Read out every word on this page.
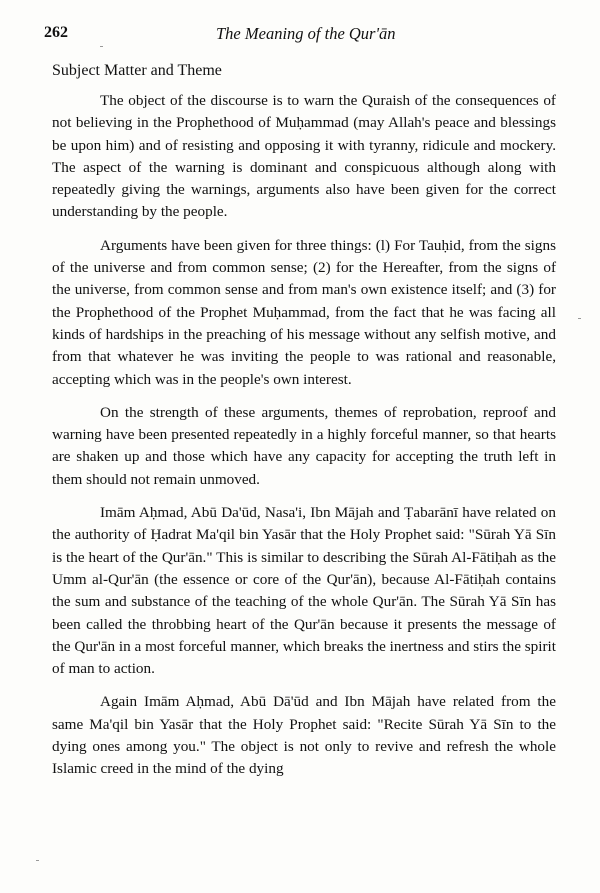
262	The Meaning of the Qur'ān
Subject Matter and Theme

The object of the discourse is to warn the Quraish of the consequences of not believing in the Prophethood of Muḥammad (may Allah's peace and blessings be upon him) and of resisting and opposing it with tyranny, ridicule and mockery. The aspect of the warning is dominant and conspicuous although along with repeatedly giving the warnings, arguments also have been given for the correct understanding by the people.

Arguments have been given for three things: (l) For Tauḥid, from the signs of the universe and from common sense; (2) for the Hereafter, from the signs of the universe, from common sense and from man's own existence itself; and (3) for the Prophethood of the Prophet Muḥammad, from the fact that he was facing all kinds of hardships in the preaching of his message without any selfish motive, and from that whatever he was inviting the people to was rational and reasonable, accepting which was in the people's own interest.

On the strength of these arguments, themes of reprobation, reproof and warning have been presented repeatedly in a highly forceful manner, so that hearts are shaken up and those which have any capacity for accepting the truth left in them should not remain unmoved.

Imām Aḥmad, Abū Da'ūd, Nasa'i, Ibn Mājah and Ṭabarānī have related on the authority of Ḥadrat Ma'qil bin Yasār that the Holy Prophet said: "Sūrah Yā Sīn is the heart of the Qur'ān." This is similar to describing the Sūrah Al-Fātiḥah as the Umm al-Qur'ān (the essence or core of the Qur'ān), because Al-Fātiḥah contains the sum and substance of the teaching of the whole Qur'ān. The Sūrah Yā Sīn has been called the throbbing heart of the Qur'ān because it presents the message of the Qur'ān in a most forceful manner, which breaks the inertness and stirs the spirit of man to action.

Again Imām Aḥmad, Abū Dā'ūd and Ibn Mājah have related from the same Ma'qil bin Yasār that the Holy Prophet said: "Recite Sūrah Yā Sīn to the dying ones among you." The object is not only to revive and refresh the whole Islamic creed in the mind of the dying
